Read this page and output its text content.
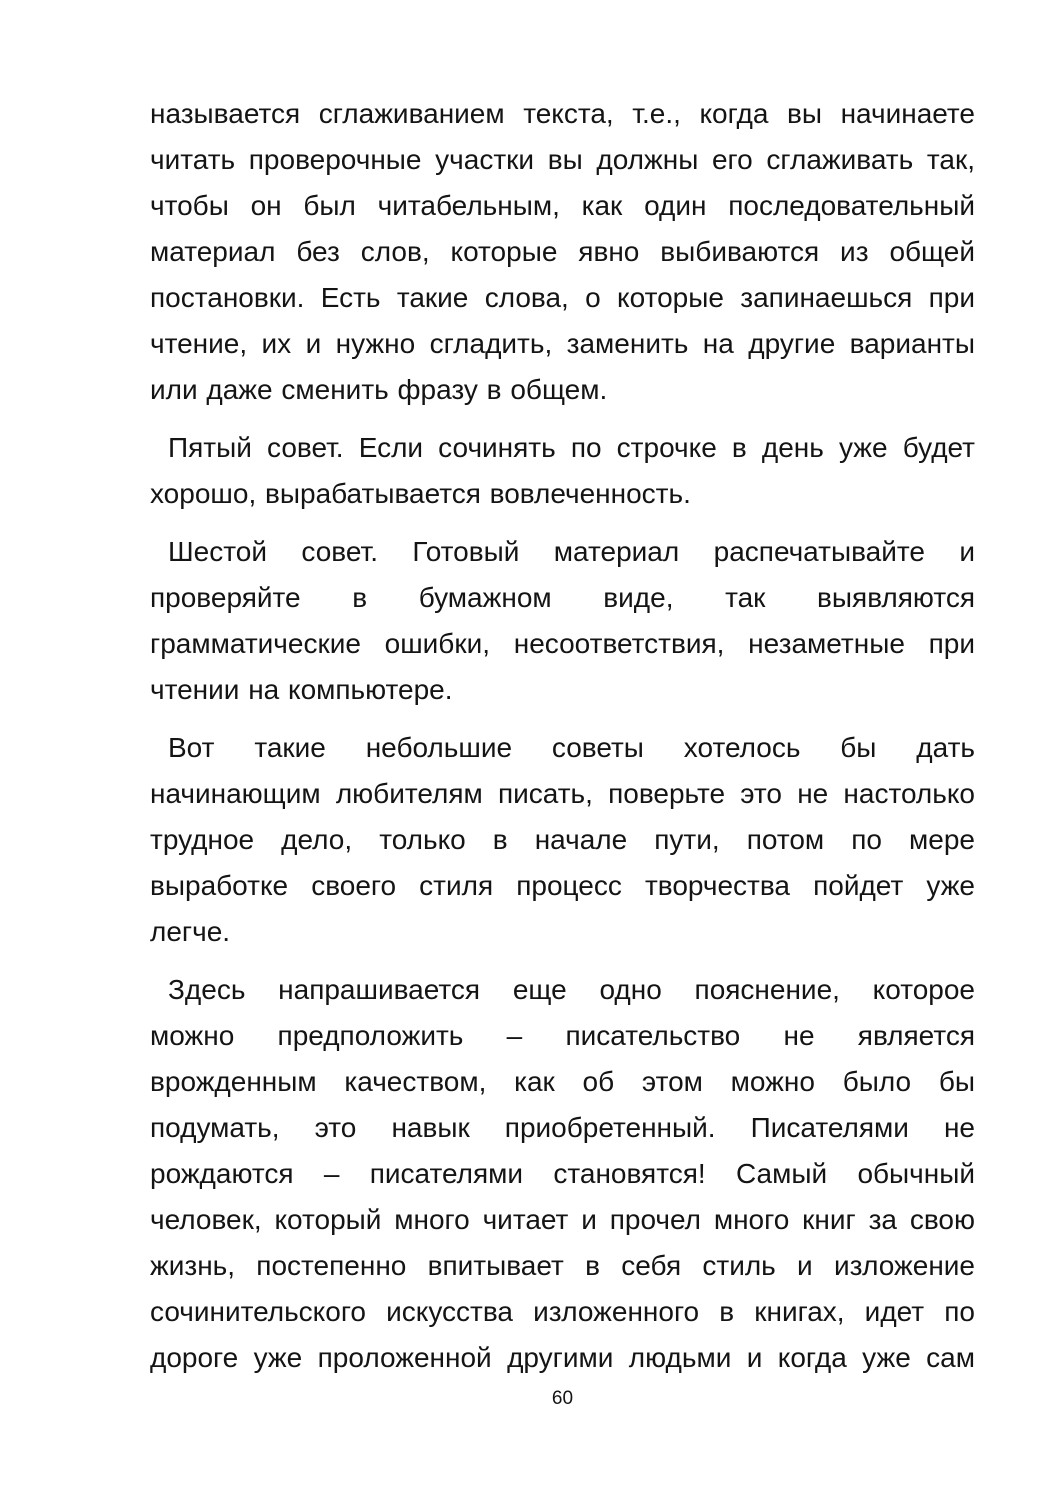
называется сглаживанием текста, т.е., когда вы начинаете
читать проверочные участки вы должны его сглаживать так,
чтобы он был читабельным, как один последовательный
материал без слов, которые явно выбиваются из общей
постановки. Есть такие слова, о которые запинаешься при
чтение, их и нужно сгладить, заменить на другие варианты
или даже сменить фразу в общем.

Пятый совет. Если сочинять по строчке в день уже будет
хорошо, вырабатывается вовлеченность.

Шестой совет. Готовый материал распечатывайте и
проверяйте в бумажном виде, так выявляются
грамматические ошибки, несоответствия, незаметные при
чтении на компьютере.

Вот такие небольшие советы хотелось бы дать
начинающим любителям писать, поверьте это не настолько
трудное дело, только в начале пути, потом по мере
выработке своего стиля процесс творчества пойдет уже
легче.

Здесь напрашивается еще одно пояснение, которое
можно предположить – писательство не является
врожденным качеством, как об этом можно было бы
подумать, это навык приобретенный. Писателями не
рождаются – писателями становятся! Самый обычный
человек, который много читает и прочел много книг за свою
жизнь, постепенно впитывает в себя стиль и изложение
сочинительского искусства изложенного в книгах, идет по
дороге уже проложенной другими людьми и когда уже сам

60
